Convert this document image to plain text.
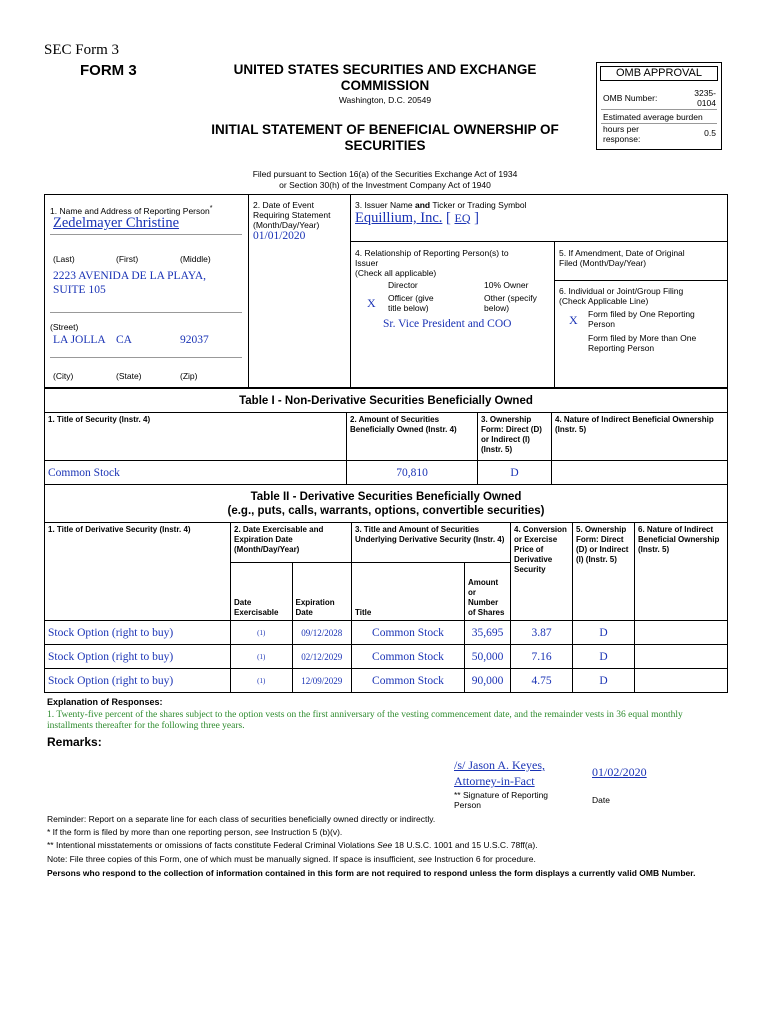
SEC Form 3
FORM 3	UNITED STATES SECURITIES AND EXCHANGE
COMMISSION
Washington, D.C. 20549
INITIAL STATEMENT OF BENEFICIAL OWNERSHIP OF
SECURITIES
OMB APPROVAL
OMB Number:	3235-0104
Estimated average burden
hours per
response:
0.5
Filed pursuant to Section 16(a) of the Securities Exchange Act of 1934
or Section 30(h) of the Investment Company Act of 1940
1. Name and Address of Reporting Person*
Zedelmayer Christine
(Last)	(First)	(Middle)
2223 AVENIDA DE LA PLAYA,
SUITE 105
(Street)
LA JOLLA CA	92037
(City)	(State)	(Zip)
2. Date of Event
Requiring Statement
(Month/Day/Year)
01/01/2020
3. Issuer Name and Ticker or Trading Symbol
Equillium, Inc. [ EQ ]
4. Relationship of Reporting Person(s) to
Issuer
(Check all applicable)
Director	10% Owner
X Officer (give
title below)
Other (specify
below)
Sr. Vice President and COO
5. If Amendment, Date of Original
Filed (Month/Day/Year)
6. Individual or Joint/Group Filing
(Check Applicable Line)
X Form filed by One Reporting
Person
Form filed by More than One
Reporting Person
Table I - Non-Derivative Securities Beneficially Owned			
1. Title of Security (Instr. 4)	2. Amount of Securities Beneficially Owned (Instr. 4)	3. Ownership Form: Direct (D) or Indirect (I) (Instr. 5)	4. Nature of Indirect Beneficial Ownership (Instr. 5)
Common Stock	70,810	D	
Table II - Derivative Securities Beneficially Owned
(e.g., puts, calls, warrants, options, convertible securities)							

1. Title of Derivative Security (Instr. 4)	2. Date Exercisable and Expiration Date (Month/Day/Year)		3. Title and Amount of Securities Underlying Derivative Security (Instr. 4)		4. Conversion or Exercise Price of Derivative Security	5. Ownership Form: Direct (D) or Indirect (I) (Instr. 5)	6. Nature of Indirect Beneficial Ownership (Instr. 5)
	Date Exercisable	Expiration Date	Title	Amount or Number of Shares			
Stock Option (right to buy)	(1)	09/12/2028	Common Stock	35,695	3.87	D	
Stock Option (right to buy)	(1)	02/12/2029	Common Stock	50,000	7.16	D	
Stock Option (right to buy)	(1)	12/09/2029	Common Stock	90,000	4.75	D	
Explanation of Responses:
1. Twenty-five percent of the shares subject to the option vests on the first anniversary of the vesting commencement date, and the remainder vests in 36 equal monthly installments thereafter for the following three years.
Remarks:
/s/ Jason A. Keyes,
Attorney-in-Fact
01/02/2020
** Signature of Reporting
Person	Date
Reminder: Report on a separate line for each class of securities beneficially owned directly or indirectly.
* If the form is filed by more than one reporting person, see Instruction 5 (b)(v).
** Intentional misstatements or omissions of facts constitute Federal Criminal Violations See 18 U.S.C. 1001 and 15 U.S.C. 78ff(a).
Note: File three copies of this Form, one of which must be manually signed. If space is insufficient, see Instruction 6 for procedure.
Persons who respond to the collection of information contained in this form are not required to respond unless the form displays a currently valid OMB Number.
